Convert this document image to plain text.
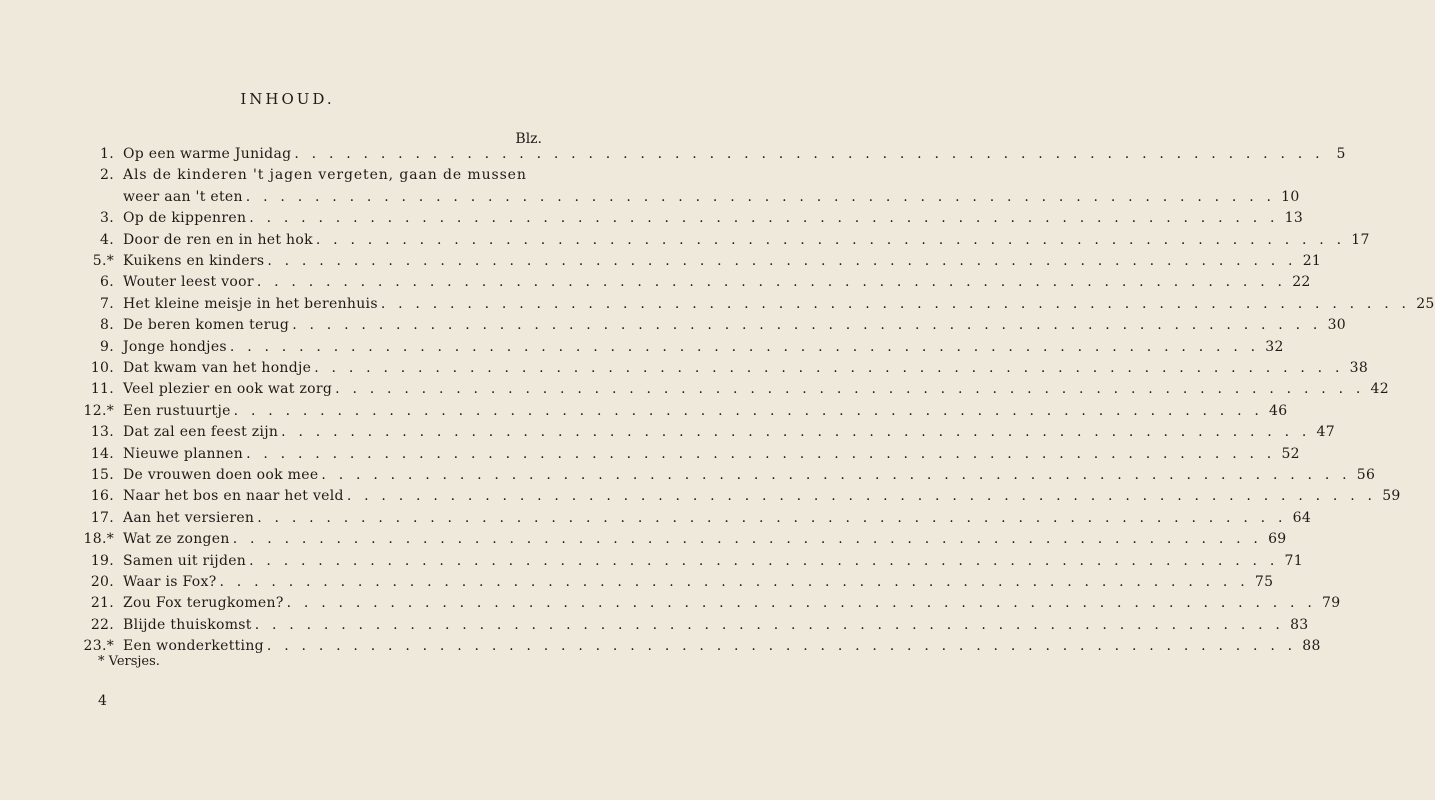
INHOUD.
Blz.
1. Op een warme Junidag . . . . . . . . . . . . . . . . . . . . . . . . . . . . . . . . . . . . . . . . . . . . . . . . . . . . . . . . . . . . 5
2. Als de kinderen 't jagen vergeten, gaan de mussen
weer aan 't eten . . . . . . . . . . . . . . . . . . . . . . . . . . . . . . . . . . . . . . . . . . . . . . . . . . . . . . . . . . . . 10
3. Op de kippenren . . . . . . . . . . . . . . . . . . . . . . . . . . . . . . . . . . . . . . . . . . . . . . . . . . . . . . . . . . . . 13
4. Door de ren en in het hok . . . . . . . . . . . . . . . . . . . . . . . . . . . . . . . . . . . . . . . . . . . . . . . . . . . . . . . . . . . . 17
5.* Kuikens en kinders . . . . . . . . . . . . . . . . . . . . . . . . . . . . . . . . . . . . . . . . . . . . . . . . . . . . . . . . . . . . 21
6. Wouter leest voor . . . . . . . . . . . . . . . . . . . . . . . . . . . . . . . . . . . . . . . . . . . . . . . . . . . . . . . . . . . . 22
7. Het kleine meisje in het berenhuis . . . . . . . . . . . . . . . . . . . . . . . . . . . . . . . . . . . . . . . . . . . . . . . . . . . . . . . . . . . . 25
8. De beren komen terug . . . . . . . . . . . . . . . . . . . . . . . . . . . . . . . . . . . . . . . . . . . . . . . . . . . . . . . . . . . . 30
9. Jonge hondjes . . . . . . . . . . . . . . . . . . . . . . . . . . . . . . . . . . . . . . . . . . . . . . . . . . . . . . . . . . . . 32
10. Dat kwam van het hondje . . . . . . . . . . . . . . . . . . . . . . . . . . . . . . . . . . . . . . . . . . . . . . . . . . . . . . . . . . . . 38
11. Veel plezier en ook wat zorg . . . . . . . . . . . . . . . . . . . . . . . . . . . . . . . . . . . . . . . . . . . . . . . . . . . . . . . . . . . . 42
12.* Een rustuurtje . . . . . . . . . . . . . . . . . . . . . . . . . . . . . . . . . . . . . . . . . . . . . . . . . . . . . . . . . . . . 46
13. Dat zal een feest zijn . . . . . . . . . . . . . . . . . . . . . . . . . . . . . . . . . . . . . . . . . . . . . . . . . . . . . . . . . . . . 47
14. Nieuwe plannen . . . . . . . . . . . . . . . . . . . . . . . . . . . . . . . . . . . . . . . . . . . . . . . . . . . . . . . . . . . . 52
15. De vrouwen doen ook mee . . . . . . . . . . . . . . . . . . . . . . . . . . . . . . . . . . . . . . . . . . . . . . . . . . . . . . . . . . . . 56
16. Naar het bos en naar het veld . . . . . . . . . . . . . . . . . . . . . . . . . . . . . . . . . . . . . . . . . . . . . . . . . . . . . . . . . . . . 59
17. Aan het versieren . . . . . . . . . . . . . . . . . . . . . . . . . . . . . . . . . . . . . . . . . . . . . . . . . . . . . . . . . . . . 64
18.* Wat ze zongen . . . . . . . . . . . . . . . . . . . . . . . . . . . . . . . . . . . . . . . . . . . . . . . . . . . . . . . . . . . . 69
19. Samen uit rijden . . . . . . . . . . . . . . . . . . . . . . . . . . . . . . . . . . . . . . . . . . . . . . . . . . . . . . . . . . . . 71
20. Waar is Fox? . . . . . . . . . . . . . . . . . . . . . . . . . . . . . . . . . . . . . . . . . . . . . . . . . . . . . . . . . . . . 75
21. Zou Fox terugkomen? . . . . . . . . . . . . . . . . . . . . . . . . . . . . . . . . . . . . . . . . . . . . . . . . . . . . . . . . . . . . 79
22. Blijde thuiskomst . . . . . . . . . . . . . . . . . . . . . . . . . . . . . . . . . . . . . . . . . . . . . . . . . . . . . . . . . . . . 83
23.* Een wonderketting . . . . . . . . . . . . . . . . . . . . . . . . . . . . . . . . . . . . . . . . . . . . . . . . . . . . . . . . . . . . 88
* Versjes.
4
